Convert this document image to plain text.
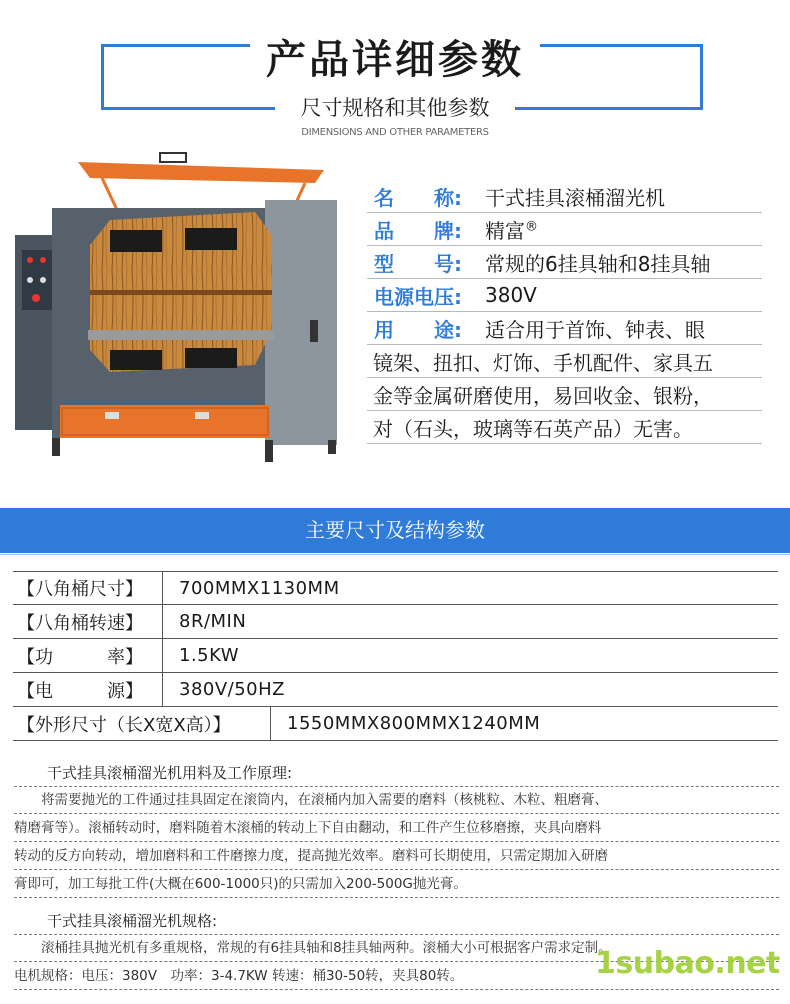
产品详细参数
尺寸规格和其他参数
DIMENSIONS AND OTHER PARAMETERS
名　　称:	干式挂具滚桶溜光机
品　　牌:	精富®
型　　号:	常规的6挂具轴和8挂具轴
电源电压:	380V
用　　途:	适合用于首饰、钟表、眼
镜架、扭扣、灯饰、手机配件、家具五
金等金属研磨使用，易回收金、银粉，
对（石头，玻璃等石英产品）无害。
主要尺寸及结构参数
【八角桶尺寸】	700MMX1130MM
【八角桶转速】	8R/MIN
【功　　　率】	1.5KW
【电　　　源】	380V/50HZ
【外形尺寸（长X宽X高）】	1550MMX800MMX1240MM
干式挂具滚桶溜光机用料及工作原理:
　　将需要抛光的工件通过挂具固定在滚筒内，在滚桶内加入需要的磨料（核桃粒、木粒、粗磨膏、
精磨膏等）。滚桶转动时，磨料随着木滚桶的转动上下自由翻动，和工件产生位移磨擦，夹具向磨料
转动的反方向转动，增加磨料和工件磨擦力度，提高抛光效率。磨料可长期使用，只需定期加入研磨
膏即可，加工每批工件(大概在600-1000只)的只需加入200-500G抛光膏。
干式挂具滚桶溜光机规格:
　　滚桶挂具抛光机有多重规格，常规的有6挂具轴和8挂具轴两种。滚桶大小可根据客户需求定制。
电机规格：电压：380V　功率：3-4.7KW 转速：桶30-50转，夹具80转。	1subao.net
